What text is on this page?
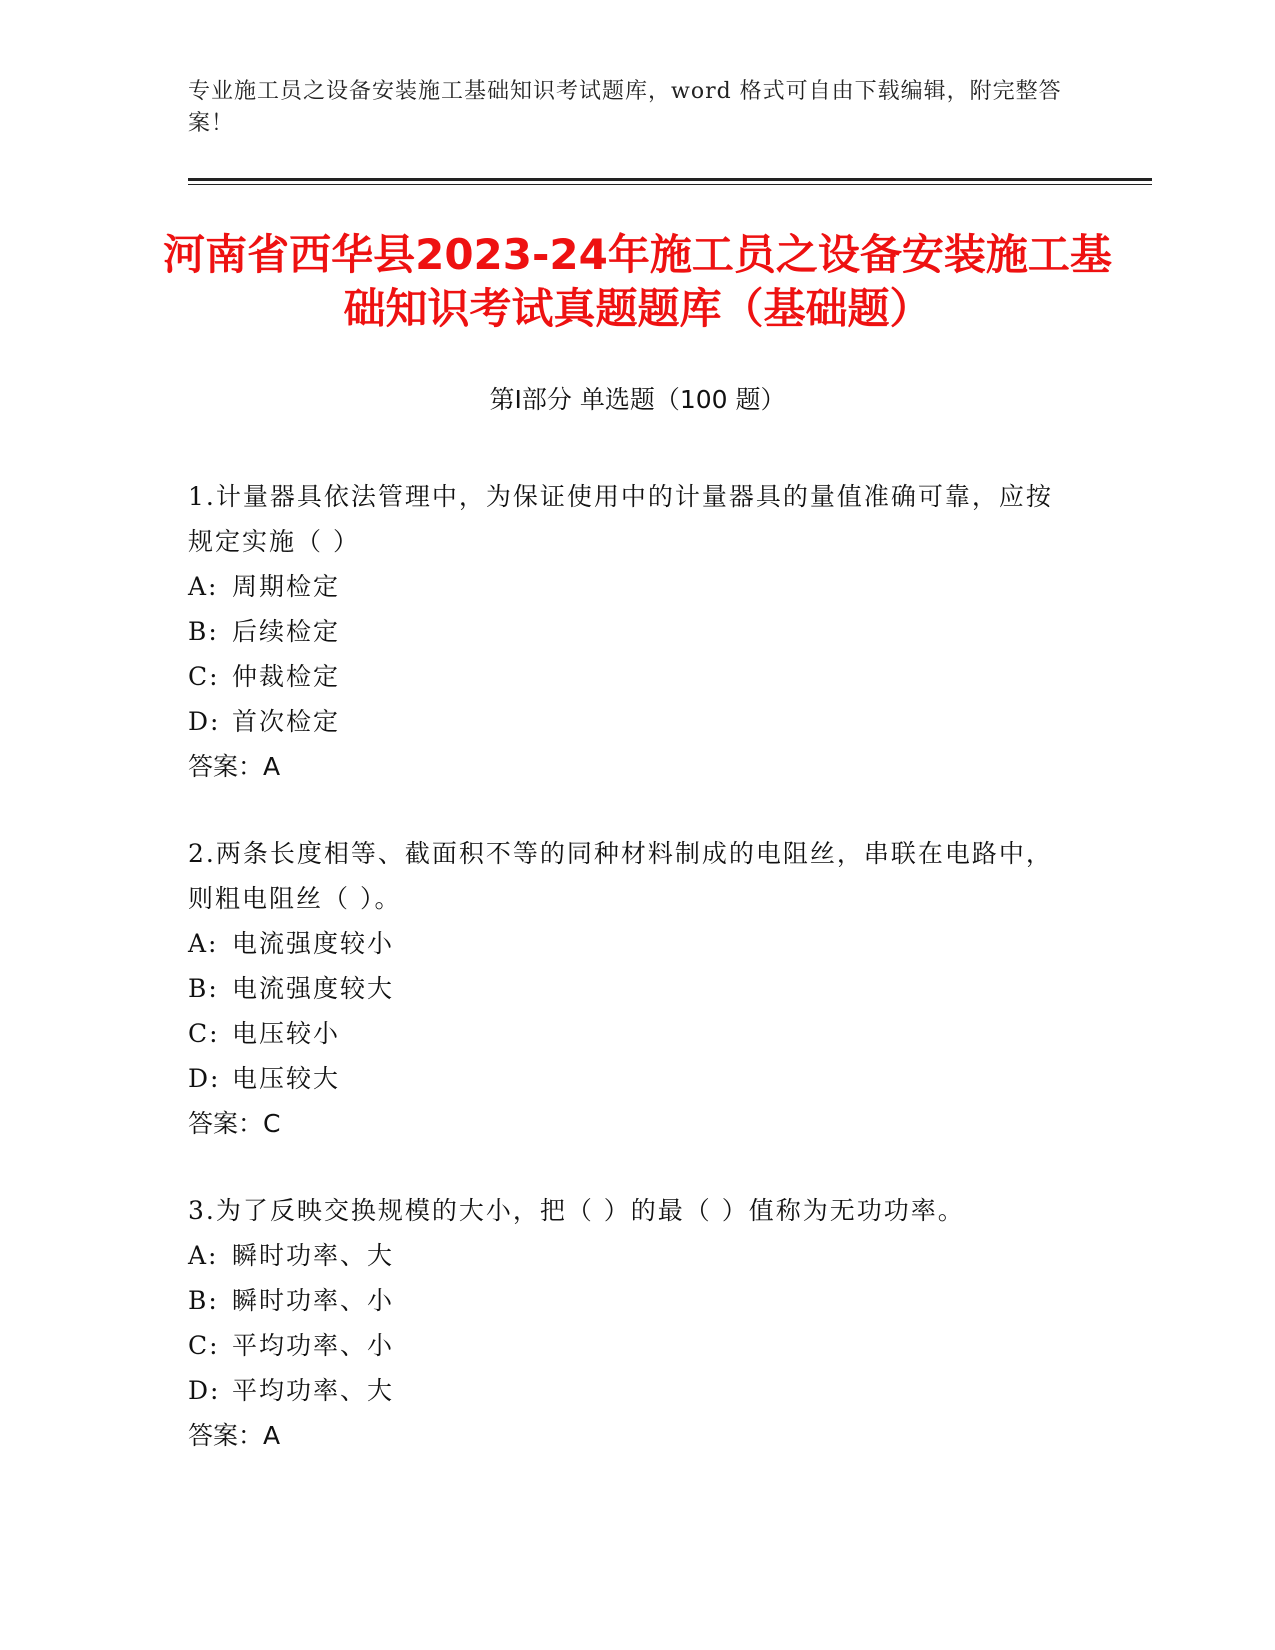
专业施工员之设备安装施工基础知识考试题库，word 格式可自由下载编辑，附完整答案！
河南省西华县2023-24年施工员之设备安装施工基础知识考试真题题库（基础题）
第Ⅰ部分 单选题（100 题）
1.计量器具依法管理中，为保证使用中的计量器具的量值准确可靠，应按规定实施（ ）
A: 周期检定
B: 后续检定
C: 仲裁检定
D: 首次检定
答案：A
2.两条长度相等、截面积不等的同种材料制成的电阻丝，串联在电路中，则粗电阻丝（ ）。
A: 电流强度较小
B: 电流强度较大
C: 电压较小
D: 电压较大
答案：C
3.为了反映交换规模的大小，把（ ）的最（ ）值称为无功功率。
A: 瞬时功率、大
B: 瞬时功率、小
C: 平均功率、小
D: 平均功率、大
答案：A
